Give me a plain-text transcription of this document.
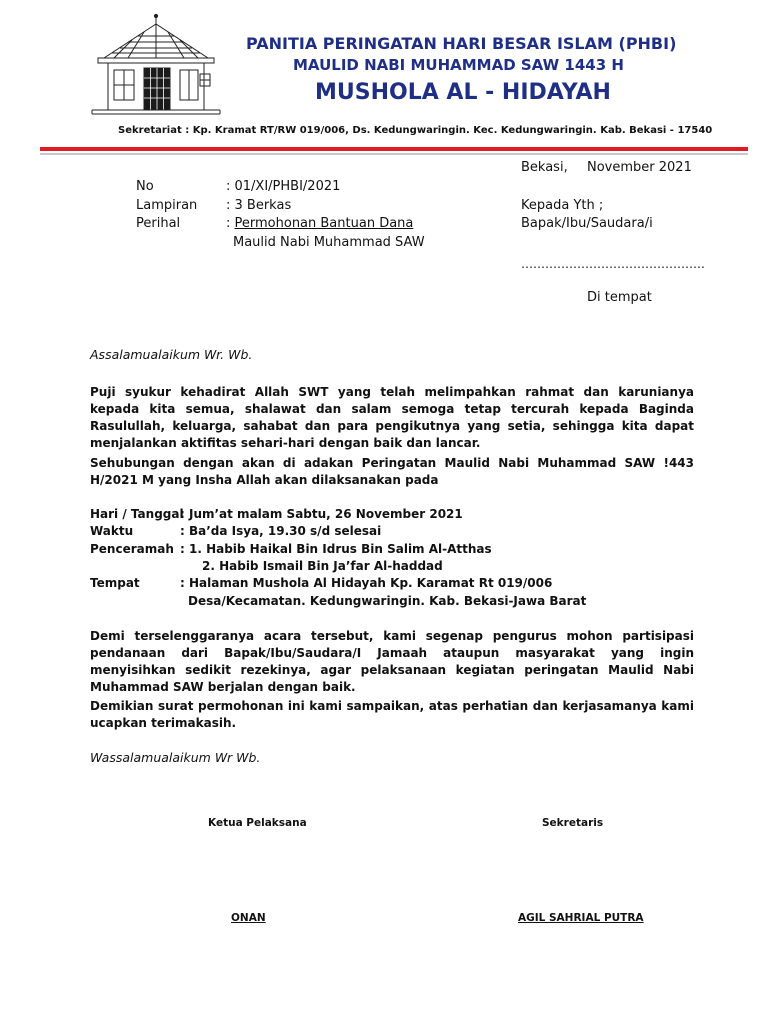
PANITIA PERINGATAN HARI BESAR ISLAM (PHBI)
MAULID NABI MUHAMMAD SAW 1443 H
MUSHOLA AL - HIDAYAH
Sekretariat : Kp. Kramat RT/RW 019/006, Ds. Kedungwaringin. Kec. Kedungwaringin. Kab. Bekasi - 17540
Bekasi, November 2021
Kepada Yth ;
Bapak/Ibu/Saudara/i
……………………………………….
Di tempat
No	: 01/XI/PHBI/2021
Lampiran : 3 Berkas
Perihal	: Permohonan Bantuan Dana
Maulid Nabi Muhammad SAW
Assalamualaikum Wr. Wb.
Puji syukur kehadirat Allah SWT yang telah melimpahkan rahmat dan karunianya kepada kita semua, shalawat dan salam semoga tetap tercurah kepada Baginda Rasulullah, keluarga, sahabat dan para pengikutnya yang setia, sehingga kita dapat menjalankan aktifitas sehari-hari dengan baik dan lancar.
Sehubungan dengan akan di adakan Peringatan Maulid Nabi Muhammad SAW !443 H/2021 M yang Insha Allah akan dilaksanakan pada
Hari / Tanggal: Jum’at malam Sabtu, 26 November 2021
Waktu	: Ba’da Isya, 19.30 s/d selesai
Penceramah : 1. Habib Haikal Bin Idrus Bin Salim Al-Atthas
2. Habib Ismail Bin Ja’far Al-haddad
Tempat	: Halaman Mushola Al Hidayah Kp. Karamat Rt 019/006
Desa/Kecamatan. Kedungwaringin. Kab. Bekasi-Jawa Barat
Demi terselenggaranya acara tersebut, kami segenap pengurus mohon partisipasi pendanaan dari Bapak/Ibu/Saudara/I Jamaah ataupun masyarakat yang ingin menyisihkan sedikit rezekinya, agar pelaksanaan kegiatan peringatan Maulid Nabi Muhammad SAW berjalan dengan baik.
Demikian surat permohonan ini kami sampaikan, atas perhatian dan kerjasamanya kami ucapkan terimakasih.
Wassalamualaikum Wr Wb.
Ketua Pelaksana	Sekretaris
ONAN	AGIL SAHRIAL PUTRA
